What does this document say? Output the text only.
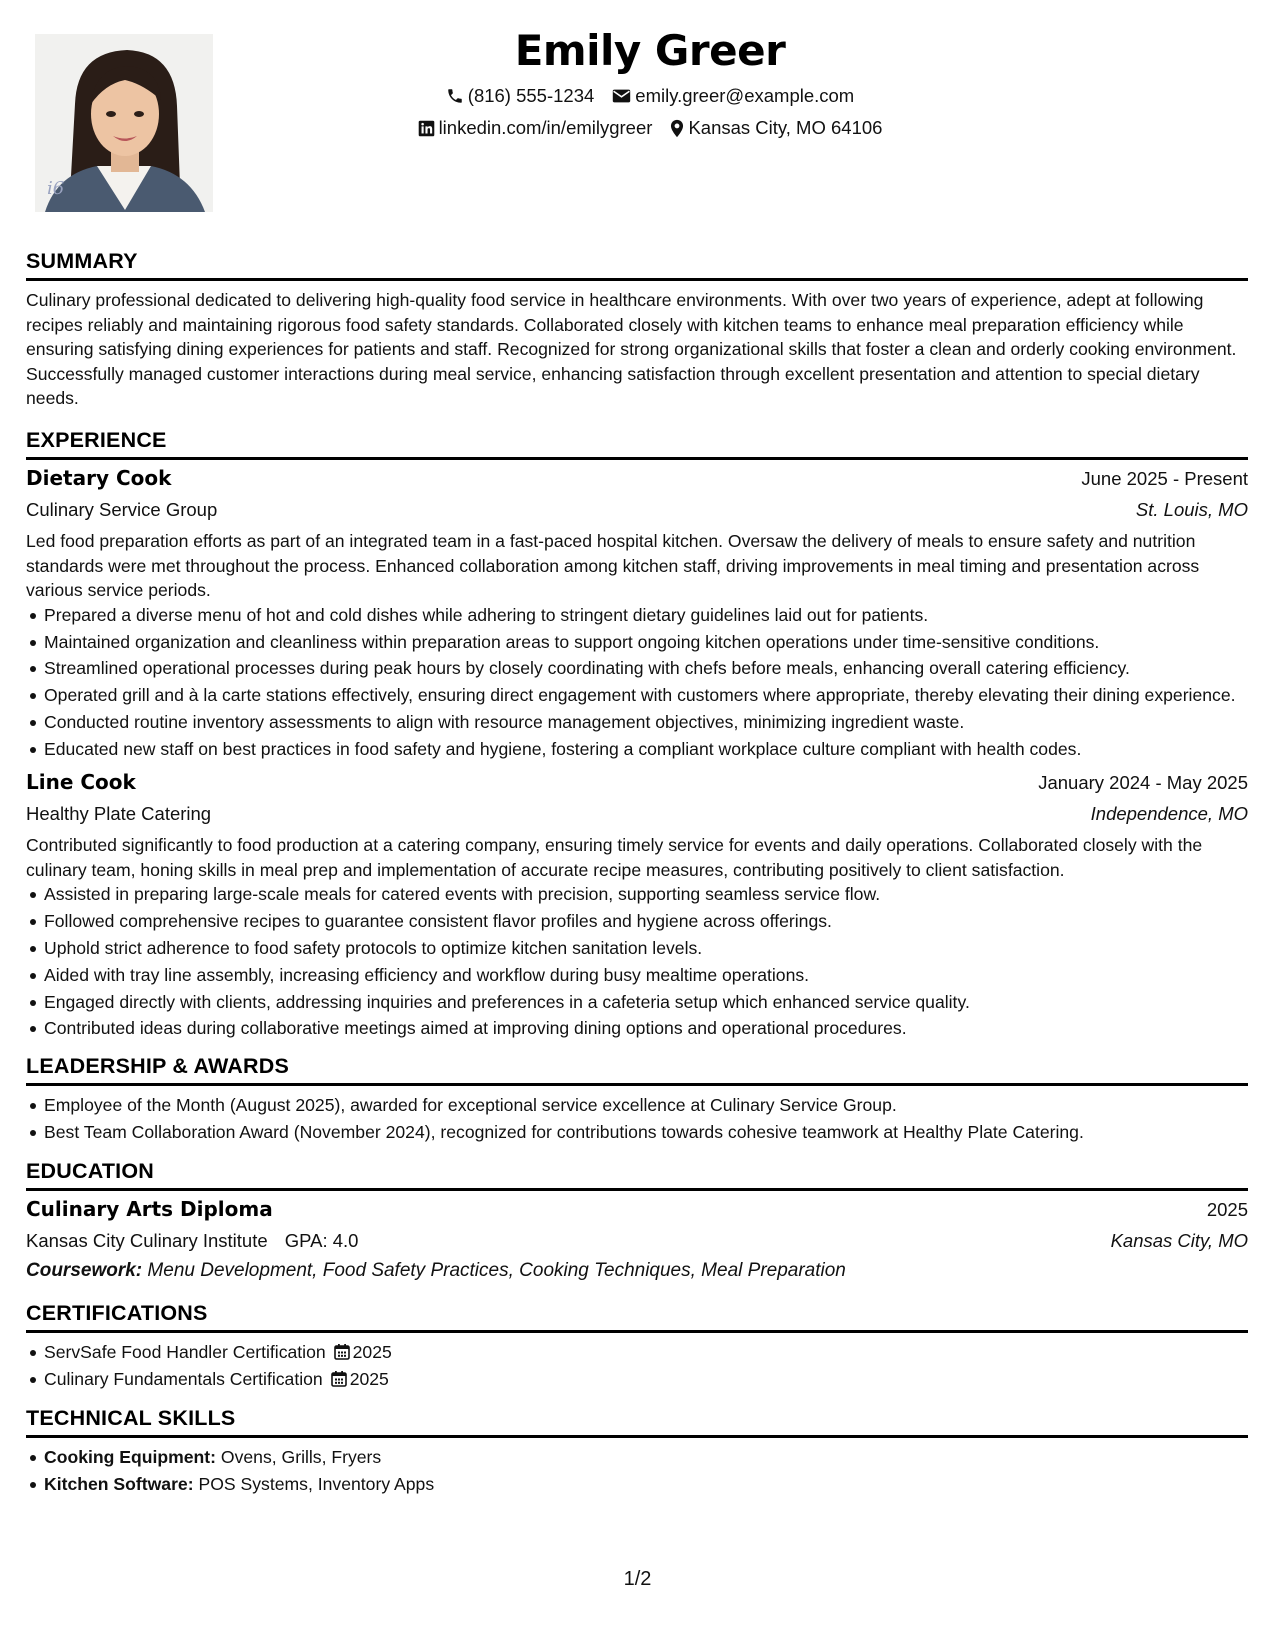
i6
Emily Greer
(816) 555-1234 emily.greer@example.com
linkedin.com/in/emilygreer Kansas City, MO 64106
SUMMARY
Culinary professional dedicated to delivering high-quality food service in healthcare environments. With over two years of experience, adept at following recipes reliably and maintaining rigorous food safety standards. Collaborated closely with kitchen teams to enhance meal preparation efficiency while ensuring satisfying dining experiences for patients and staff. Recognized for strong organizational skills that foster a clean and orderly cooking environment. Successfully managed customer interactions during meal service, enhancing satisfaction through excellent presentation and attention to special dietary needs.
EXPERIENCE
Dietary Cook	June 2025 - Present
Culinary Service Group	St. Louis, MO
Led food preparation efforts as part of an integrated team in a fast-paced hospital kitchen. Oversaw the delivery of meals to ensure safety and nutrition standards were met throughout the process. Enhanced collaboration among kitchen staff, driving improvements in meal timing and presentation across various service periods.
Prepared a diverse menu of hot and cold dishes while adhering to stringent dietary guidelines laid out for patients.
Maintained organization and cleanliness within preparation areas to support ongoing kitchen operations under time-sensitive conditions.
Streamlined operational processes during peak hours by closely coordinating with chefs before meals, enhancing overall catering efficiency.
Operated grill and à la carte stations effectively, ensuring direct engagement with customers where appropriate, thereby elevating their dining experience.
Conducted routine inventory assessments to align with resource management objectives, minimizing ingredient waste.
Educated new staff on best practices in food safety and hygiene, fostering a compliant workplace culture compliant with health codes.
Line Cook	January 2024 - May 2025
Healthy Plate Catering	Independence, MO
Contributed significantly to food production at a catering company, ensuring timely service for events and daily operations. Collaborated closely with the culinary team, honing skills in meal prep and implementation of accurate recipe measures, contributing positively to client satisfaction.
Assisted in preparing large-scale meals for catered events with precision, supporting seamless service flow.
Followed comprehensive recipes to guarantee consistent flavor profiles and hygiene across offerings.
Uphold strict adherence to food safety protocols to optimize kitchen sanitation levels.
Aided with tray line assembly, increasing efficiency and workflow during busy mealtime operations.
Engaged directly with clients, addressing inquiries and preferences in a cafeteria setup which enhanced service quality.
Contributed ideas during collaborative meetings aimed at improving dining options and operational procedures.
LEADERSHIP & AWARDS
Employee of the Month (August 2025), awarded for exceptional service excellence at Culinary Service Group.
Best Team Collaboration Award (November 2024), recognized for contributions towards cohesive teamwork at Healthy Plate Catering.
EDUCATION
Culinary Arts Diploma	2025
Kansas City Culinary Institute GPA: 4.0	Kansas City, MO
Coursework: Menu Development, Food Safety Practices, Cooking Techniques, Meal Preparation
CERTIFICATIONS
ServSafe Food Handler Certification 2025
Culinary Fundamentals Certification 2025
TECHNICAL SKILLS
Cooking Equipment: Ovens, Grills, Fryers
Kitchen Software: POS Systems, Inventory Apps
1/2
